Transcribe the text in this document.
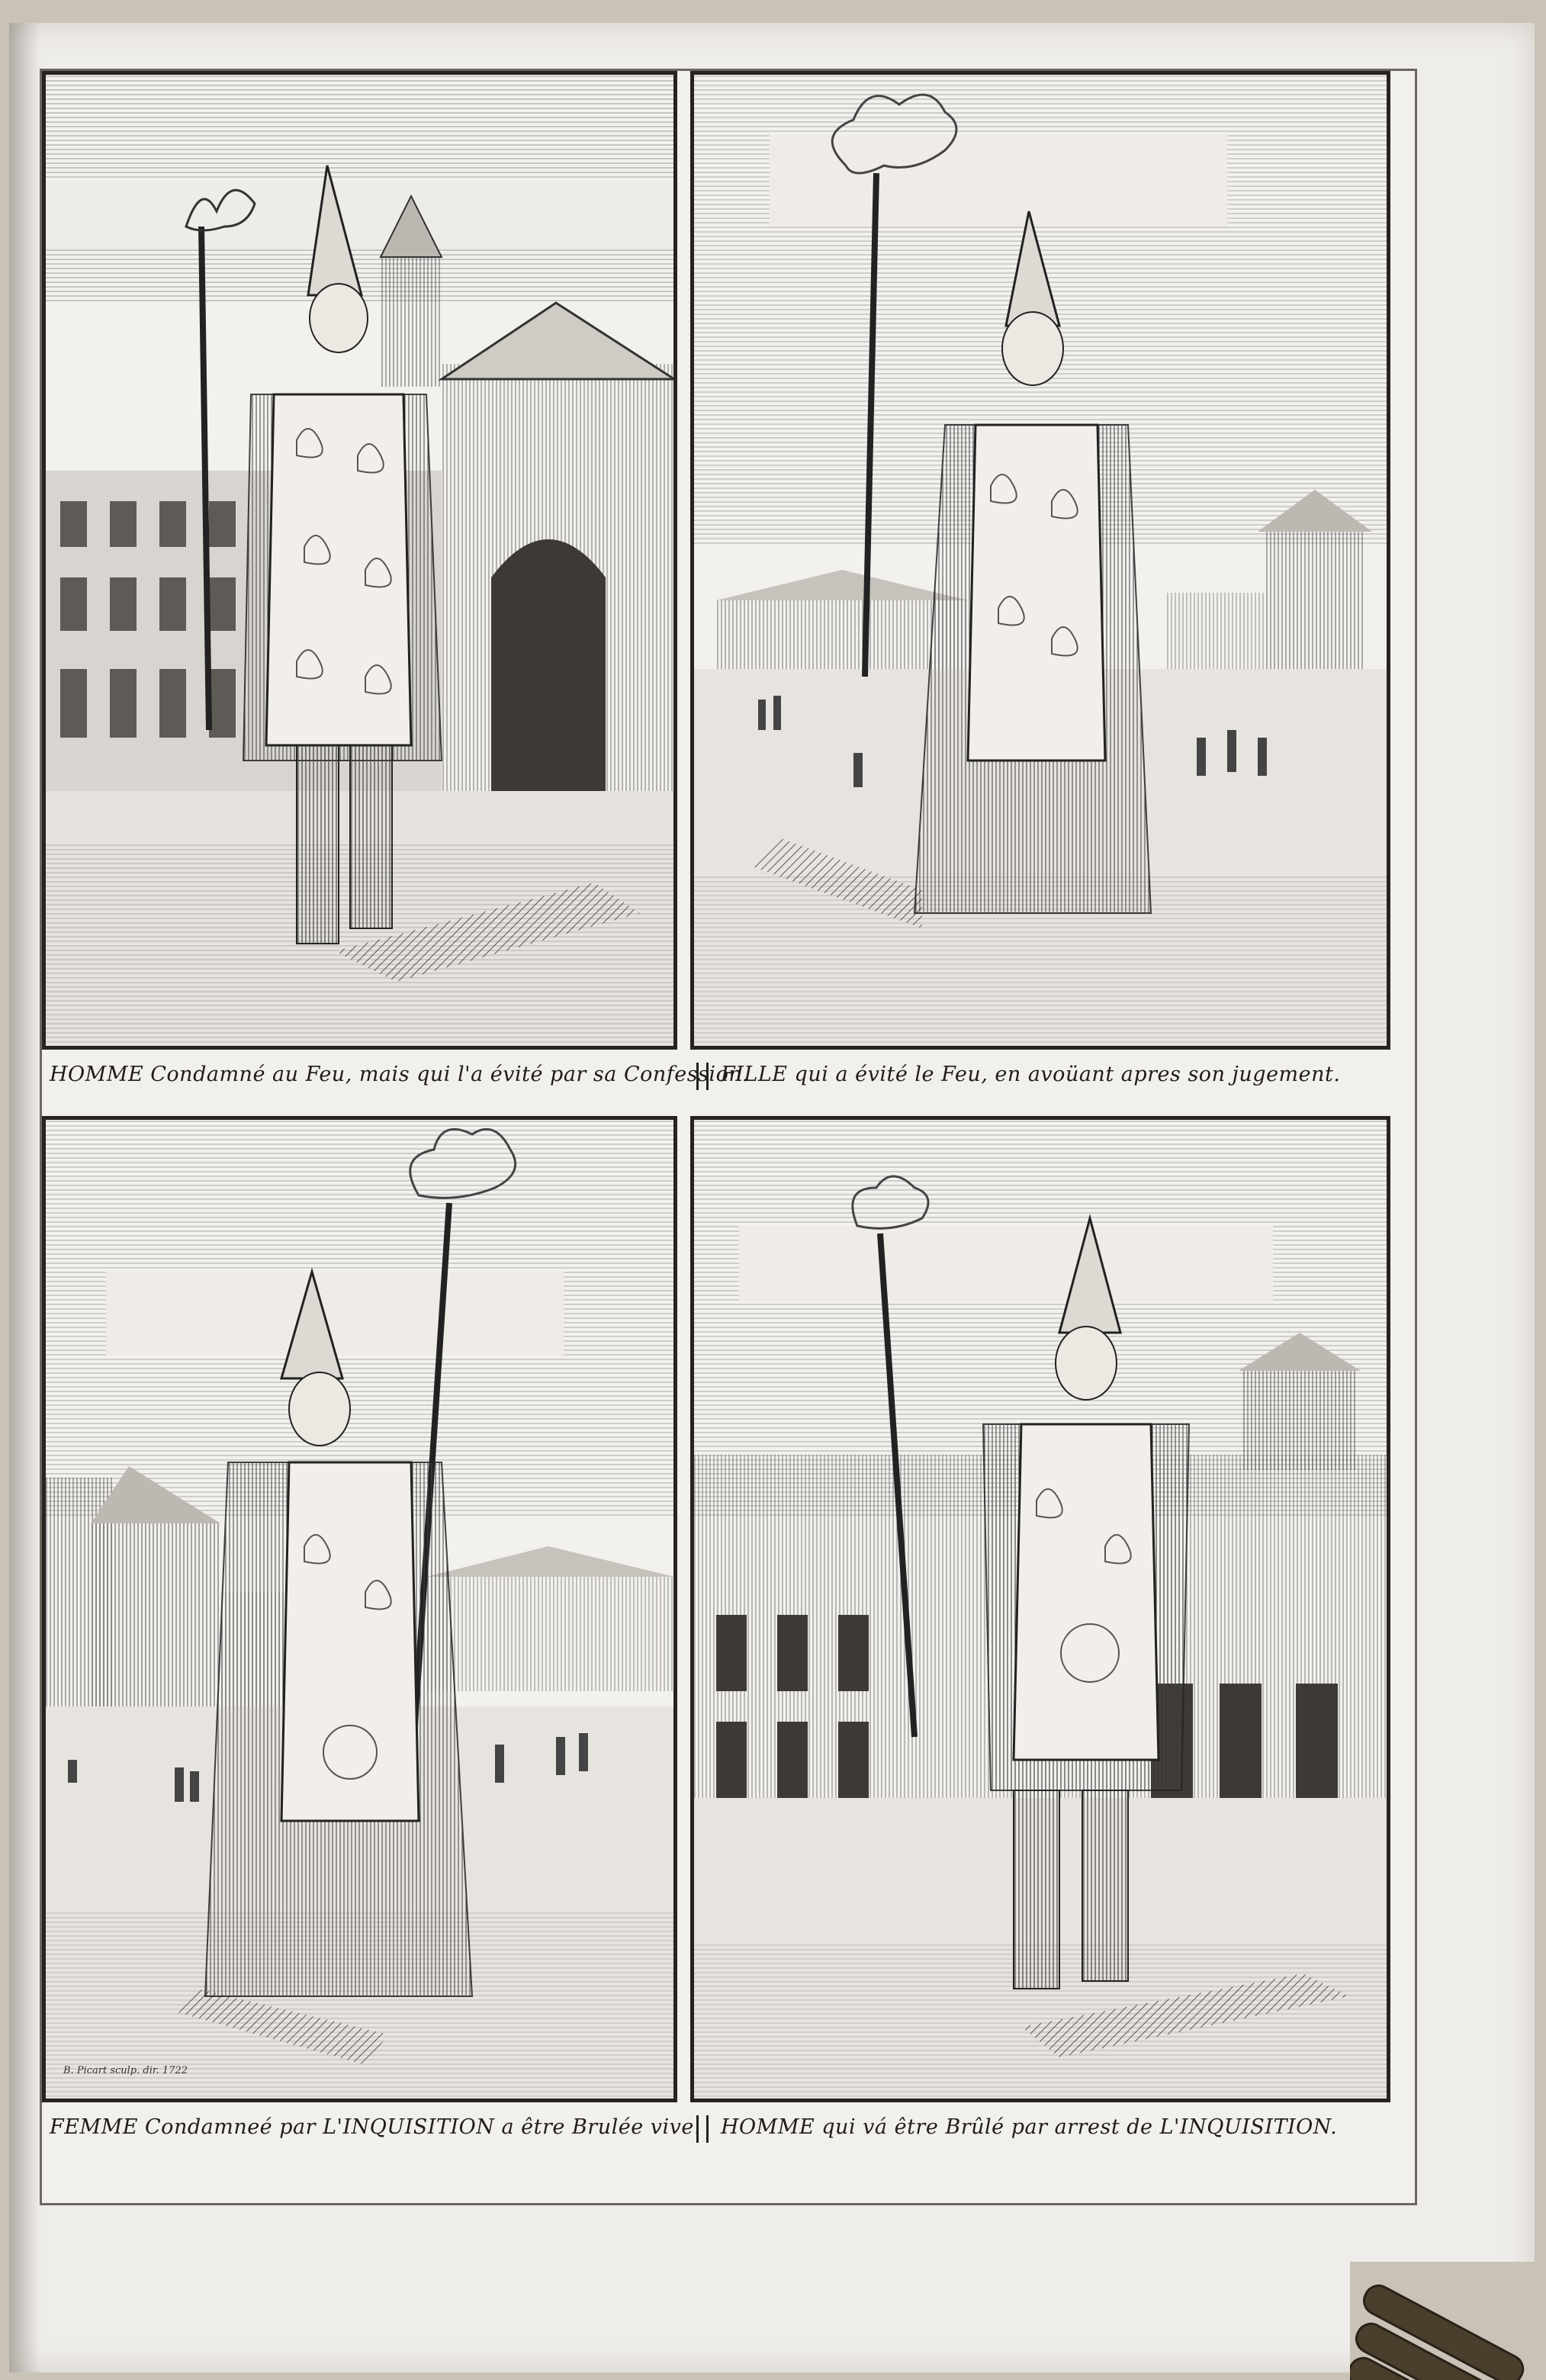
HOMME Condamné au Feu, mais qui l'a évité par sa Confession.
FILLE qui a évité le Feu, en avoüant apres son jugement.
B. Picart sculp. dir. 1722
FEMME Condamneé par L'INQUISITION a être Brulée vive. HOMME qui vá être Brûlé par arrest de L'INQUISITION.
